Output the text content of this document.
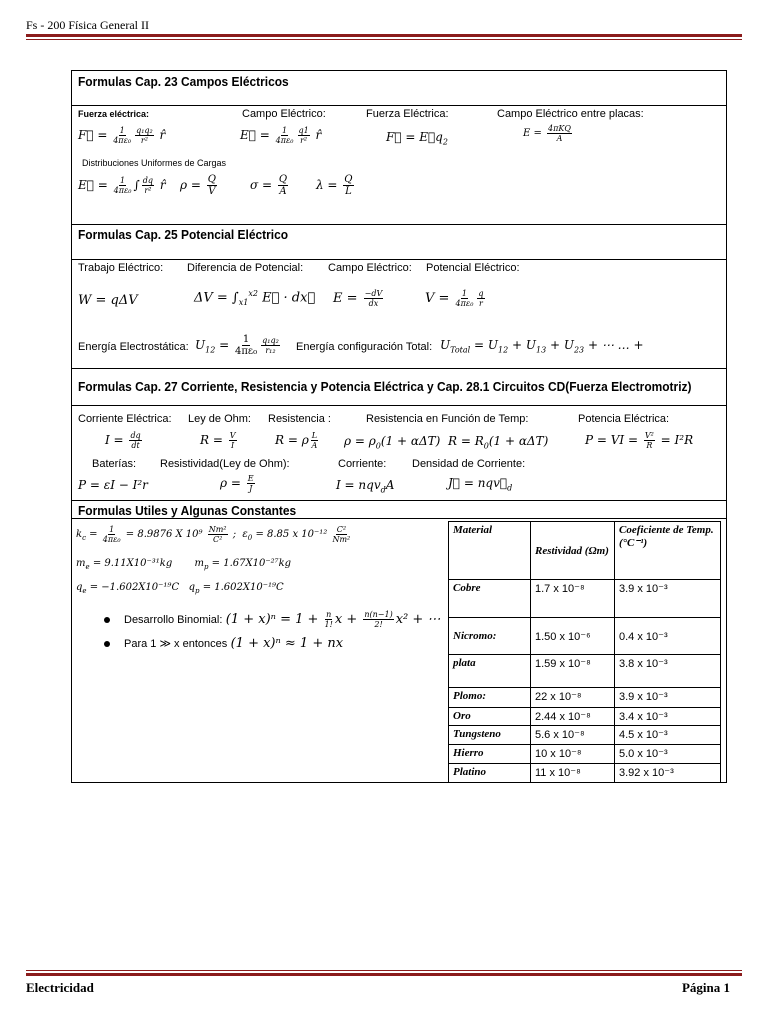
Fs - 200 Física General II
Formulas Cap. 23 Campos Eléctricos
Fuerza eléctrica:	Campo Eléctrico:	Fuerza Eléctrica:	Campo Eléctrico entre placas:
F⃗ = $\frac{1}{\text{4πε₀}} \frac{\text{q₁q₂}}{\text{r²}}$ r̂	E⃗ = $\frac{1}{\text{4πε₀}} \frac{q1}{\text{r²}}$ r̂	F⃗ = $E⃗q_2$
$E = \frac{\text{4πKQ}}{A}$
Distribuciones Uniformes de Cargas
E⃗ = $\frac{1}{\text{4πε₀}}$ ∫ $\frac{dq}{\text{r²}}$ r̂ $\rho = \frac{Q}{V}$	$\sigma = \frac{Q}{A}$ $\lambda = \frac{Q}{L}$
Formulas Cap. 25 Potencial Eléctrico
Trabajo Eléctrico: Diferencia de Potencial: Campo Eléctrico: Potencial Eléctrico:
W = qΔV	$\Delta V = \int_{x1}^{x2}$ E⃗ · dx⃗ $E = \frac{-dV}{dx}$	$V = \frac{1}{\text{4πε₀}} \frac{q}{r}$
Energía Electrostática: $U_{12} = \frac{1}{\text{4πε₀}} \frac{\text{q₁q₂}}{\text{r₁₂}}$ Energía configuración Total: $U_{Total} = U_{12} + U_{13} + U_{23}$ + ⋯ … +
Formulas Cap. 27 Corriente, Resistencia y Potencia Eléctrica y Cap. 28.1 Circuitos CD(Fuerza Electromotriz)
Corriente Eléctrica: Ley de Ohm: Resistencia :	Resistencia en Función de Temp:	Potencia Eléctrica:
$I = \frac{dq}{dt}$	$R = \frac{V}{I}$	R = ρ $\frac{L}{A}$ $\rho = \rho_0(1 + \alpha\Delta T) R = R_0(1 + \alpha\Delta T)$	P = VI = $\frac{\text{V²}}{R} = I^2R$
Baterías: Resistividad(Ley de Ohm):	Corriente: Densidad de Corriente:
P = εI − I²r	$\rho = \frac{E}{J}$	I = nqv$_d$A	J⃗ = $nqv⃗_d$
Formulas Utiles y Algunas Constantes
$k_c = \frac{1}{\text{4πε₀}} = 8.9876$ X $10^9 \frac{\text{Nm²}}{\text{C²}}$ ;  $\varepsilon_0 = 8.85$ x $10^{-12} \frac{\text{C²}}{\text{Nm²}}$
$m_e = 9.11X10^{-31}kg$       $m_p = 1.67X10^{-27}kg$
$q_e = -1.602X10^{-19}C$   $q_p = 1.602X10^{-19}C$
Desarrollo Binomial: $(1 + x)^n = 1 + \frac{n}{1!}$ $x + \frac{n(n-1)}{2!} x^2$ + ⋯
Para 1 ≫ x entonces (1 + x)ⁿ ≈ 1 + nx
Material	Restividad (Ωm)	Coeficiente de Temp. (°C⁻¹)
Cobre	1.7 x 10⁻⁸	3.9 x 10⁻³
Nicromo:	1.50 x 10⁻⁶	0.4 x 10⁻³
plata	1.59 x 10⁻⁸	3.8 x 10⁻³
Plomo:	22 x 10⁻⁸	3.9 x 10⁻³
Oro	2.44 x 10⁻⁸	3.4 x 10⁻³
Tungsteno	5.6 x 10⁻⁸	4.5 x 10⁻³
Hierro	10 x 10⁻⁸	5.0 x 10⁻³
Platino	11 x 10⁻⁸	3.92 x 10⁻³
Electricidad	Página 1
